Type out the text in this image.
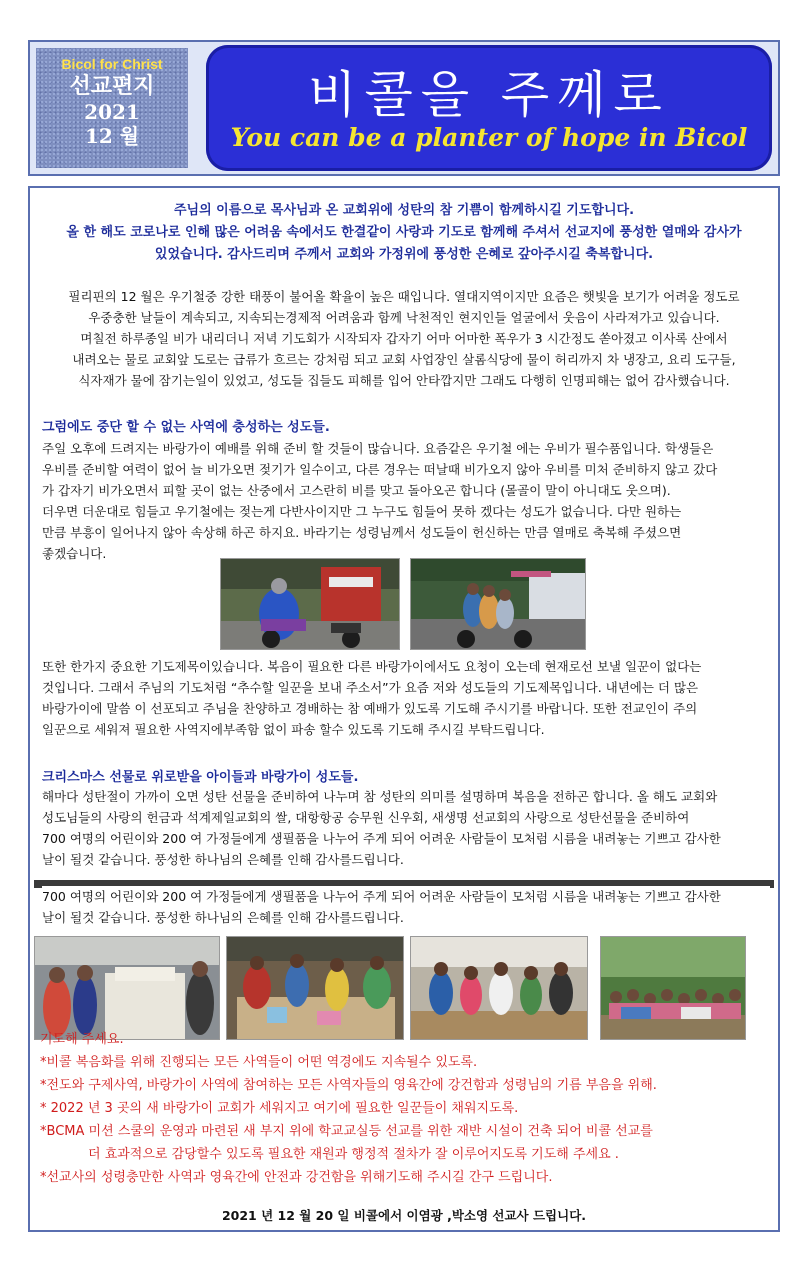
Bicol for Christ
선교편지
2021
12 월
비콜을 주께로
You can be a planter of hope in Bicol
주님의 이름으로 목사님과 온 교회위에 성탄의 참 기쁨이 함께하시길 기도합니다.
올 한 해도 코로나로 인해 많은 어려움 속에서도 한결같이 사랑과 기도로 함께해 주셔서 선교지에 풍성한 열매와 감사가
있었습니다. 감사드리며 주께서 교회와 가정위에 풍성한 은혜로 갚아주시길 축복합니다.
필리핀의 12 월은 우기철중 강한 태풍이 불어올 확율이 높은 때입니다. 열대지역이지만 요즘은 햇빛을 보기가 어려울 정도로
우중충한 날들이 계속되고, 지속되는경제적 어려움과 함께 낙천적인 현지인들 얼굴에서 웃음이 사라져가고 있습니다.
며칠전 하루종일 비가 내리더니 저녁 기도회가 시작되자 갑자기 어마 어마한 폭우가 3 시간정도 쏟아졌고 이사록 산에서
내려오는 물로 교회앞 도로는 급류가 흐르는 강처럼 되고 교회 사업장인 살롬식당에 물이 허리까지 차 냉장고, 요리 도구들,
식자재가 물에 잠기는일이 있었고, 성도들 집들도 피해를 입어 안타깝지만 그래도 다행히 인명피해는 없어 감사했습니다.
그럼에도 중단 할 수 없는 사역에 충성하는 성도들.
주일 오후에 드려지는 바랑가이 예배를 위해 준비 할 것들이 많습니다. 요즘같은 우기철 에는 우비가 필수품입니다. 학생들은
우비를 준비할 여력이 없어 늘 비가오면 젖기가 일수이고, 다른 경우는 떠날때 비가오지 않아 우비를 미처 준비하지 않고 갔다
가 갑자기 비가오면서 피할 곳이 없는 산중에서 고스란히 비를 맞고 돌아오곤 합니다 (몰골이 말이 아니대도 웃으며).
더우면 더운대로 힘들고 우기철에는 젖는게 다반사이지만 그 누구도 힘들어 못하 겠다는 성도가 없습니다. 다만 원하는
만큼 부흥이 일어나지 않아 속상해 하곤 하지요. 바라기는 성령님께서 성도들이 헌신하는 만큼 열매로 축복해 주셨으면
좋겠습니다.
또한 한가지 중요한 기도제목이있습니다. 복음이 필요한 다른 바랑가이에서도 요청이 오는데 현재로선 보낼 일꾼이 없다는
것입니다. 그래서 주님의 기도처럼 “추수할 일꾼을 보내 주소서”가 요즘 저와 성도들의 기도제목입니다. 내년에는 더 많은
바랑가이에 말씀 이 선포되고 주님을 찬양하고 경배하는 참 예배가 있도록 기도해 주시기를 바랍니다. 또한 전교인이 주의
일꾼으로 세워져 필요한 사역지에부족함 없이 파송 할수 있도록 기도해 주시길 부탁드립니다.
크리스마스 선물로 위로받을 아이들과 바랑가이 성도들.
해마다 성탄절이 가까이 오면 성탄 선물을 준비하여 나누며 참 성탄의 의미를 설명하며 복음을 전하곤 합니다. 올 해도 교회와
성도님들의 사랑의 헌금과 석계제일교회의 쌀, 대항항공 승무원 신우회, 새생명 선교회의 사랑으로 성탄선물을 준비하여
700 여명의 어린이와 200 여 가정들에게 생필품을 나누어 주게 되어 어려운 사람들이 모처럼 시름을 내려놓는 기쁘고 감사한
날이 될것 같습니다. 풍성한 하나님의 은혜를 인해 감사를드립니다.
700 여명의 어린이와 200 여 가정들에게 생필품을 나누어 주게 되어 어려운 사람들이 모처럼 시름을 내려놓는 기쁘고 감사한
날이 될것 같습니다. 풍성한 하나님의 은혜를 인해 감사를드립니다.
기도해 주세요.
*비콜 복음화를 위해 진행되는 모든 사역들이 어떤 역경에도 지속될수 있도록.
*전도와 구제사역, 바랑가이 사역에 참여하는 모든 사역자들의 영육간에 강건함과 성령님의 기름 부음을 위해.
* 2022 년 3 곳의 새 바랑가이 교회가 세워지고 여기에 필요한 일꾼들이 채워지도록.
*BCMA 미션 스쿨의 운영과 마련된 새 부지 위에 학교교실등 선교를 위한 재반 시설이 건축 되어 비콜 선교를
더 효과적으로 감당할수 있도록 필요한 재원과 행정적 절차가 잘 이루어지도록 기도해 주세요 .
*선교사의 성령충만한 사역과 영육간에 안전과 강건함을 위해기도해 주시길 간구 드립니다.
2021 년 12 월 20 일 비콜에서 이염광 ,박소영 선교사 드립니다.
